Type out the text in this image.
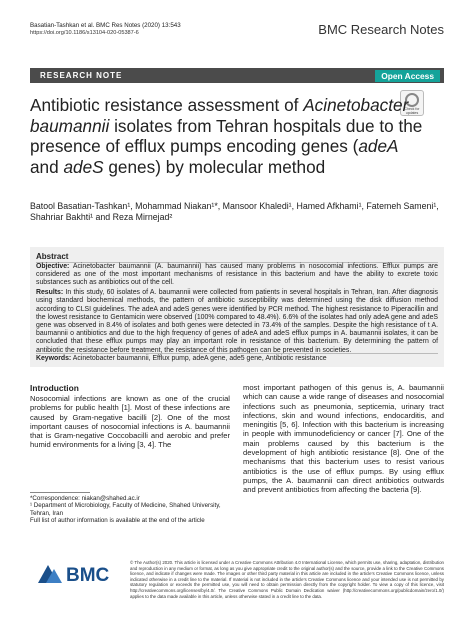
Basatian-Tashkan et al. BMC Res Notes (2020) 13:543
https://doi.org/10.1186/s13104-020-05387-6	BMC Research Notes
RESEARCH NOTE	Open Access
Check for updates
Antibiotic resistance assessment of Acinetobacter baumannii isolates from Tehran hospitals due to the presence of efflux pumps encoding genes (adeA and adeS genes) by molecular method
Batool Basatian-Tashkan¹, Mohammad Niakan¹*, Mansoor Khaledi¹, Hamed Afkhami¹, Fatemeh Sameni¹, Shahriar Bakhti¹ and Reza Mirnejad²
Abstract

Objective: Acinetobacter baumannii (A. baumannii) has caused many problems in nosocomial infections. Efflux pumps are considered as one of the most important mechanisms of resistance in this bacterium and have the ability to excrete toxic substances such as antibiotics out of the cell.

Results: In this study, 60 isolates of A. baumannii were collected from patients in several hospitals in Tehran, Iran. After diagnosis using standard biochemical methods, the pattern of antibiotic susceptibility was determined using the disk diffusion method according to CLSI guidelines. The adeA and adeS genes were identified by PCR method. The highest resistance to Piperacillin and the lowest resistance to Gentamicin were observed (100% compared to 48.4%). 6.6% of the isolates had only adeA gene and adeS gene was observed in 8.4% of isolates and both genes were detected in 73.4% of the samples. Despite the high resistance of t A. baumannii o antibiotics and due to the high frequency of genes of adeA and adeS efflux pumps in A. baumannii isolates, it can be concluded that these efflux pumps may play an important role in resistance of this bacterium. By determining the pattern of antibiotic the resistance before treatment, the resistance of this pathogen can be prevented in societies.

Keywords: Acinetobacter baumannii, Efflux pump, adeA gene, ade5 gene, Antibiotic resistance
Introduction
Nosocomial infections are known as one of the crucial problems for public health [1]. Most of these infections are caused by Gram-negative bacilli [2]. One of the most important causes of nosocomial infections is A. baumannii that is Gram-negative Coccobacilli and aerobic and prefer humid environments for a living [3, 4]. The
most important pathogen of this genus is, A. baumannii which can cause a wide range of diseases and nosocomial infections such as pneumonia, septicemia, urinary tract infections, skin and wound infections, endocarditis, and meningitis [5, 6]. Infection with this bacterium is increasing in people with immunodeficiency or cancer [7]. One of the main problems caused by this bacterium is the development of high antibiotic resistance [8]. One of the mechanisms that this bacterium uses to resist various antibiotics is the use of efflux pumps. By using efflux pumps, the A. baumannii can direct antibiotics outwards and prevent antibiotics from affecting the bacteria [9].
*Correspondence: niakan@shahed.ac.ir
¹ Department of Microbiology, Faculty of Medicine, Shahed University, Tehran, Iran
Full list of author information is available at the end of the article
BMC
© The Author(s) 2020. This article is licensed under a Creative Commons Attribution 4.0 International License, which permits use, sharing, adaptation, distribution and reproduction in any medium or format, as long as you give appropriate credit to the original author(s) and the source, provide a link to the Creative Commons licence, and indicate if changes were made. The images or other third party material in this article are included in the article's Creative Commons licence, unless indicated otherwise in a credit line to the material. If material is not included in the article's Creative Commons licence and your intended use is not permitted by statutory regulation or exceeds the permitted use, you will need to obtain permission directly from the copyright holder. To view a copy of this licence, visit http://creativecommons.org/licenses/by/4.0/. The Creative Commons Public Domain Dedication waiver (http://creativecommons.org/publicdomain/zero/1.0/) applies to the data made available in this article, unless otherwise stated in a credit line to the data.
